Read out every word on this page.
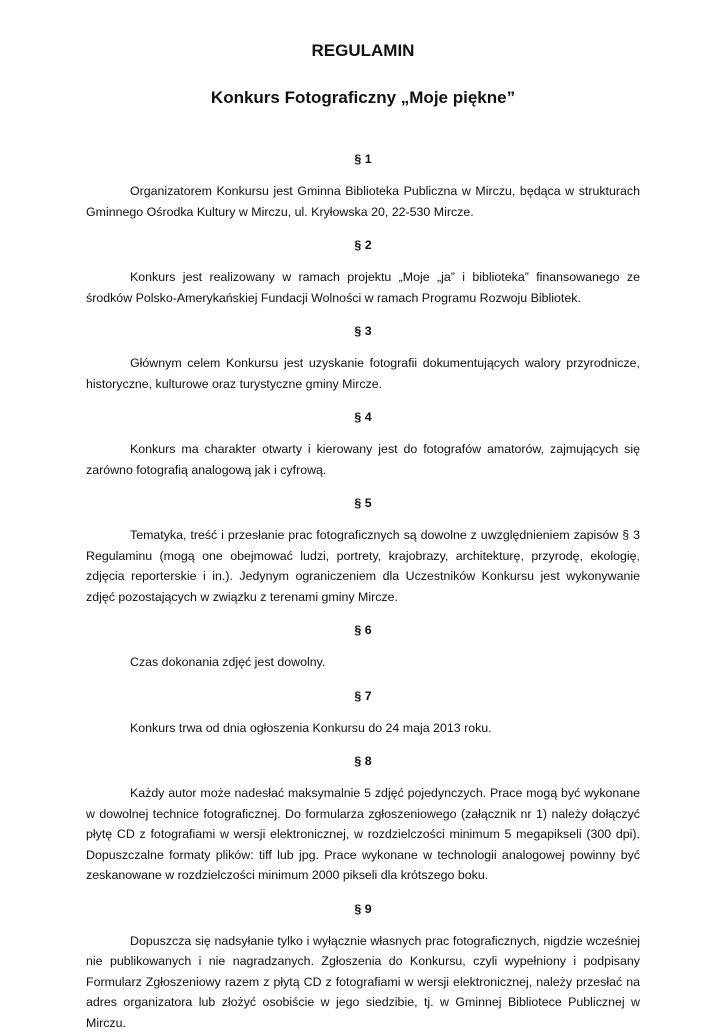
REGULAMIN
Konkurs Fotograficzny „Moje piękne”
§ 1

Organizatorem Konkursu jest Gminna Biblioteka Publiczna w Mirczu, będąca w strukturach Gminnego Ośrodka Kultury w Mirczu, ul. Kryłowska 20, 22-530 Mircze.

§ 2

Konkurs jest realizowany w ramach projektu „Moje „ja” i biblioteka” finansowanego ze środków Polsko-Amerykańskiej Fundacji Wolności w ramach Programu Rozwoju Bibliotek.

§ 3

Głównym celem Konkursu jest uzyskanie fotografii dokumentujących walory przyrodnicze, historyczne, kulturowe oraz turystyczne gminy Mircze.

§ 4

Konkurs ma charakter otwarty i kierowany jest do fotografów amatorów, zajmujących się zarówno fotografią analogową jak i cyfrową.

§ 5

Tematyka, treść i przesłanie prac fotograficznych są dowolne z uwzględnieniem zapisów § 3 Regulaminu (mogą one obejmować ludzi, portrety, krajobrazy, architekturę, przyrodę, ekologię, zdjęcia reporterskie i in.). Jedynym ograniczeniem dla Uczestników Konkursu jest wykonywanie zdjęć pozostających w związku z terenami gminy Mircze.

§ 6

Czas dokonania zdjęć jest dowolny.

§ 7

Konkurs trwa od dnia ogłoszenia Konkursu do 24 maja 2013 roku.

§ 8

Każdy autor może nadesłać maksymalnie 5 zdjęć pojedynczych. Prace mogą być wykonane w dowolnej technice fotograficznej. Do formularza zgłoszeniowego (załącznik nr 1) należy dołączyć płytę CD z fotografiami w wersji elektronicznej, w rozdzielczości minimum 5 megapikseli (300 dpi). Dopuszczalne formaty plików: tiff lub jpg. Prace wykonane w technologii analogowej powinny być zeskanowane w rozdzielczości minimum 2000 pikseli dla krótszego boku.

§ 9

Dopuszcza się nadsyłanie tylko i wyłącznie własnych prac fotograficznych, nigdzie wcześniej nie publikowanych i nie nagradzanych. Zgłoszenia do Konkursu, czyli wypełniony i podpisany Formularz Zgłoszeniowy razem z płytą CD z fotografiami w wersji elektronicznej, należy przesłać na adres organizatora lub złożyć osobiście w jego siedzibie, tj. w Gminnej Bibliotece Publicznej w Mirczu.
